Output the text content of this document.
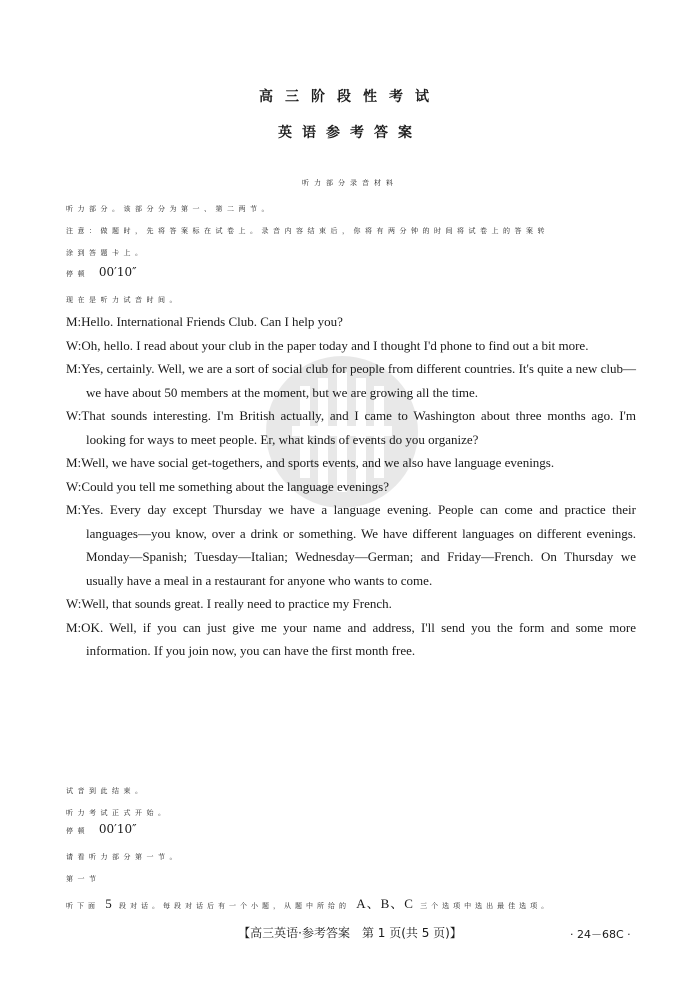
高三阶段性考试
英语参考答案
听力部分录音材料
听力部分。该部分分为第一、第二两节。
注意：做题时，先将答案标在试卷上。录音内容结束后，你将有两分钟的时间将试卷上的答案转
涂到答题卡上。
停顿 00′10″
现在是听力试音时间。

M:Hello. International Friends Club. Can I help you?

W:Oh, hello. I read about your club in the paper today and I thought I'd phone to find out a bit more.

M:Yes, certainly. Well, we are a sort of social club for people from different countries. It's quite a new club—we have about 50 members at the moment, but we are growing all the time.

W:That sounds interesting. I'm British actually, and I came to Washington about three months ago. I'm looking for ways to meet people. Er, what kinds of events do you organize?

M:Well, we have social get-togethers, and sports events, and we also have language evenings.

W:Could you tell me something about the language evenings?

M:Yes. Every day except Thursday we have a language evening. People can come and practice their languages—you know, over a drink or something. We have different languages on different evenings. Monday—Spanish; Tuesday—Italian; Wednesday—German; and Friday—French. On Thursday we usually have a meal in a restaurant for anyone who wants to come.

W:Well, that sounds great. I really need to practice my French.

M:OK. Well, if you can just give me your name and address, I'll send you the form and some more information. If you join now, you can have the first month free.

试音到此结束。
听力考试正式开始。
停顿 00′10″
请看听力部分第一节。
第一节
听下面 5 段对话。每段对话后有一个小题，从题中所给的 A、B、C 三个选项中选出最佳选项。
【高三英语·参考答案　第 1 页(共 5 页)】	· 24－68C ·
